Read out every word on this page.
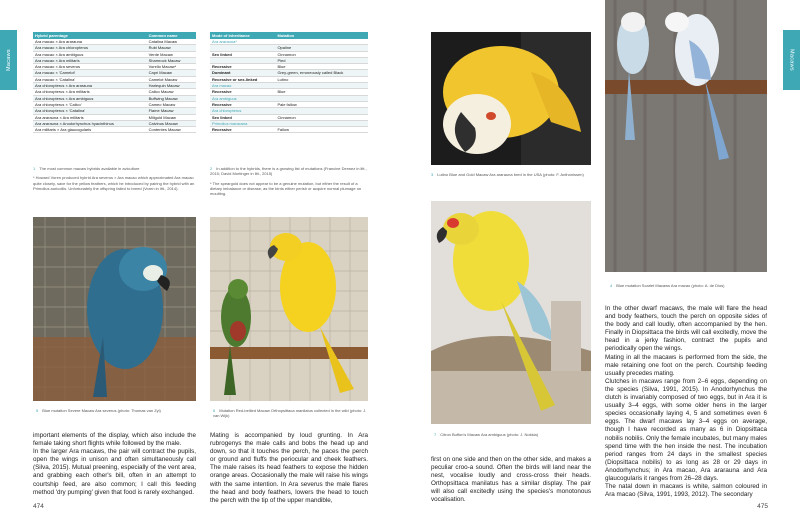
Macaws
Hybrid parentage	Common name
Ara macao × Ara ararauna	Catalina Macaw
Ara macao × Ara chloropterus	Rubi Macaw
Ara macao × Ara ambiguus	Verde Macaw
Ara macao × Ara militaris	Shamrock Macaw
Ara macao × Ara severus	Vorello Macaw*
Ara macao × 'Camelot'	Capri Macaw
Ara macao × 'Catalina'	Camelot Macaw
Ara chloropterus × Ara ararauna	Harlequin Macaw
Ara chloropterus × Ara militaris	Calico Macaw
Ara chloropterus × Ara ambiguus	Buffwing Macaw
Ara chloropterus × 'Calico'	Cameo Macaw
Ara chloropterus × 'Catalina'	Flame Macaw
Ara ararauna × Ara militaris	Miligold Macaw
Ara ararauna × Anodorhynchus hyacinthinus	Calvinus Macaw
Ara militaris × Ara glaucogularis	Contentes Macaw
Mode of inheritance	Mutation
Ara ararauna*	
	Opaline
Sex linked	Cinnamon
	Pied
Recessive	Blue
Dominant	Grey-green, erroneously called Black
Recessive or sex-linked	Lutino
Ara macao	
Recessive	Blue
Ara ambiguus	
Recessive	Pale fallow
Ara chloropterus	
Sex linked	Cinnamon
Primolius maracana	
Recessive	Fallow
1 The most common macaw hybrids available in aviculture
* Howard Voren produced hybrid Ara severus × Ara macao which approximated Ara macao quite closely, save for the yellow feathers, which he introduced by pairing the hybrid with an Primolius auricollis. Unfortunately the offspring failed to breed (Voren in litt., 2014).
2 In addition to the hybrids, there is a growing list of mutations (Francine Derwez in litt., 2015; David Mortinger in litt., 2015)
* The speargold does not appear to be a genuine mutation, but either the result of a dietary imbalance or disease, as the birds either perish or acquire normal plumage on moulting.
5 Blue mutation Severe Macaw Ara severus (photo: Thomas van Zyl)	6 Mutation Red-bellied Macaw Orthopsittaca manilatus collected in the wild (photo: J. van Wijk)

important elements of the display, which also include the female taking short flights while followed by the male.
In the larger Ara macaws, the pair will contract the pupils, open the wings in unison and often simultaneously call (Silva, 2015). Mutual preening, especially of the vent area, and grabbing each other's bill, often in an attempt to courtship feed, are also common; I call this feeding method 'dry pumping' given that food is rarely exchanged.

Mating is accompanied by loud grunting. In Ara rubrogenys the male calls and bobs the head up and down, so that it touches the perch, he paces the perch or ground and fluffs the periocular and cheek feathers. The male raises its head feathers to expose the hidden orange areas. Occasionally the male will raise his wings with the same intention. In Ara severus the male flares the head and body feathers, lowers the head to touch the perch with the tip of the upper mandible,

474
Macaws
3 Lutino Blue and Gold Macaw Ara ararauna bred in the USA (photo: F. Anthonissen)
4 Blue mutation Scarlet Macaws Ara macao (photo: A. de Dios)
7 Citron Buffon's Macaw Ara ambiguus (photo: J. Nokkia)

first on one side and then on the other side, and makes a peculiar croo-a sound. Often the birds will land near the nest, vocalise loudly and cross-cross their heads. Orthopsittaca manilatus has a similar display. The pair will also call excitedly using the species's monotonous vocalisation.

In the other dwarf macaws, the male will flare the head and body feathers, touch the perch on opposite sides of the body and call loudly, often accompanied by the hen. Finally in Diopsittaca the birds will call excitedly, move the head in a jerky fashion, contract the pupils and periodically open the wings.
Mating in all the macaws is performed from the side, the male retaining one foot on the perch. Courtship feeding usually precedes mating.
Clutches in macaws range from 2–6 eggs, depending on the species (Silva, 1991, 2015). In Anodorhynchus the clutch is invariably composed of two eggs, but in Ara it is usually 3–4 eggs, with some older hens in the larger species occasionally laying 4, 5 and sometimes even 6 eggs. The dwarf macaws lay 3–4 eggs on average, though I have recorded as many as 6 in Diopsittaca nobilis nobilis. Only the female incubates, but many males spend time with the hen inside the nest. The incubation period ranges from 24 days in the smallest species (Diopsittaca nobilis) to as long as 28 or 29 days in Anodorhynchus; in Ara macao, Ara ararauna and Ara glaucogularis it ranges from 26–28 days.
The natal down in macaws is white, salmon coloured in Ara macao (Silva, 1991, 1993, 2012). The secondary

475
